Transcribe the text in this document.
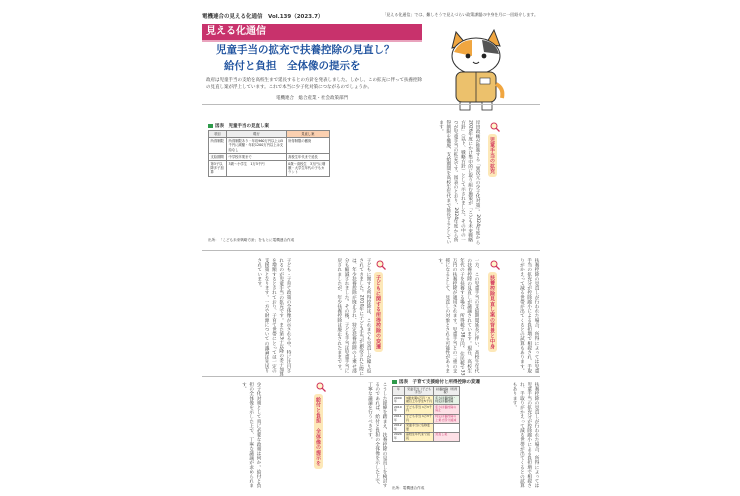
電機連合の見える化通信　Vol.139（2023.7）	「見える化通信」では、難しそうで見えづらい政策課題の中身を月に一回紹介します。
見える化通信
児童手当の拡充で扶養控除の見直し？
給付と負担　全体像の提示を
政府は児童手当の支給を高校生まで延長するとの方針を発表しました。しかし、この拡充に伴って扶養控除の見直し案が浮上しています。これで本当に少子化対策につながるのでしょうか。
電機連合　総合産業・社会政策部門
図表　児童手当の見直し案
項目	現行	見直し案
所得制限	所得制限あり・年収960万円以上は5千円に減額・年収1200万円以上は支給なし	所得制限の撤廃
支給期間	中学校卒業まで	高校生年代まで延長
第3子以降多子加算	3歳～小学生　1万5千円	0歳～高校生　3万円に増額・大学生年代の子もカウント
出所：「こども未来戦略方針」をもとに電機連合作成	岸田政権が推進する「異次元の少子化対策」。2024年度から2026年度にかけ集中的に取り組む施策が「こども未来戦略方針」（以下、戦略方針）として示されました。その中の一つが児童手当の拡充です。図表のとおり、2024年度から所得制限を撤廃、支給期間を高校生年代まで延長するとしています。
児童手当の拡充
子ども・子育て政策の全体像が示される中、特に注目されるのが児童手当の拡充です。また第3子以降の多子加算を増額するとされており、子育て世帯にとっては一定の支援策となります。一方で財源についての議論は先送りされています。	子どもに関する所得控除は、これまでも見直しが繰り返されてきました。2010年に子ども手当が創設された際には、年少扶養控除が廃止され、特定扶養控除の上乗せ部分も縮減されました。その後、子ども手当は児童手当に戻されましたが、年少扶養控除は廃止されたままです。	子どもに関する所得控除の変遷	一方、この児童手当の支給期間延長に伴い、高校生年代の扶養控除の見直しが議論されています。現在、高校生年代の子を扶養する場合、所得税で38万円、住民税で33万円の扶養控除が適用されます。児童手当との二重の支援になるとして、見直しの対象とされる可能性があります。
扶養控除見直し案の背景と中身	扶養控除の見直しが行われた場合、所得によっては児童手当の拡充分が控除縮小による負担増で相殺され、手取りがかえって減る世帯が出てくるとの試算もあります。
少子化対策として真に必要な政策は何か。給付と負担の全体像を示した上で、丁寧な議論が求められます。
給付と負担　全体像の提示を	こうした経緯を踏まえ、扶養控除の見直しを検討するのであれば、給付と負担の全体像を示した上で、丁寧な議論を行うべきです。	図表　子育て支援給付と所得控除の変遷
年	児童手当（子ども手当）	扶養控除（所得税）
2009年	3歳未満1万円・3歳以上小学生5千円	年少扶養控除・特定扶養控除
2010年	子ども手当 1万3千円	年少扶養控除の廃止
2011年	子ども手当 1万3千円	特定扶養控除の上乗せ部分縮減
2012年	児童手当に名称変更	
2024年	高校生年代まで延長	見直し案
出所：電機連合作成
扶養控除の見直しが行われた場合、所得によっては児童手当の拡充分が控除縮小による負担増で相殺され、手取りがかえって減る世帯が出てくるとの試算もあります。
